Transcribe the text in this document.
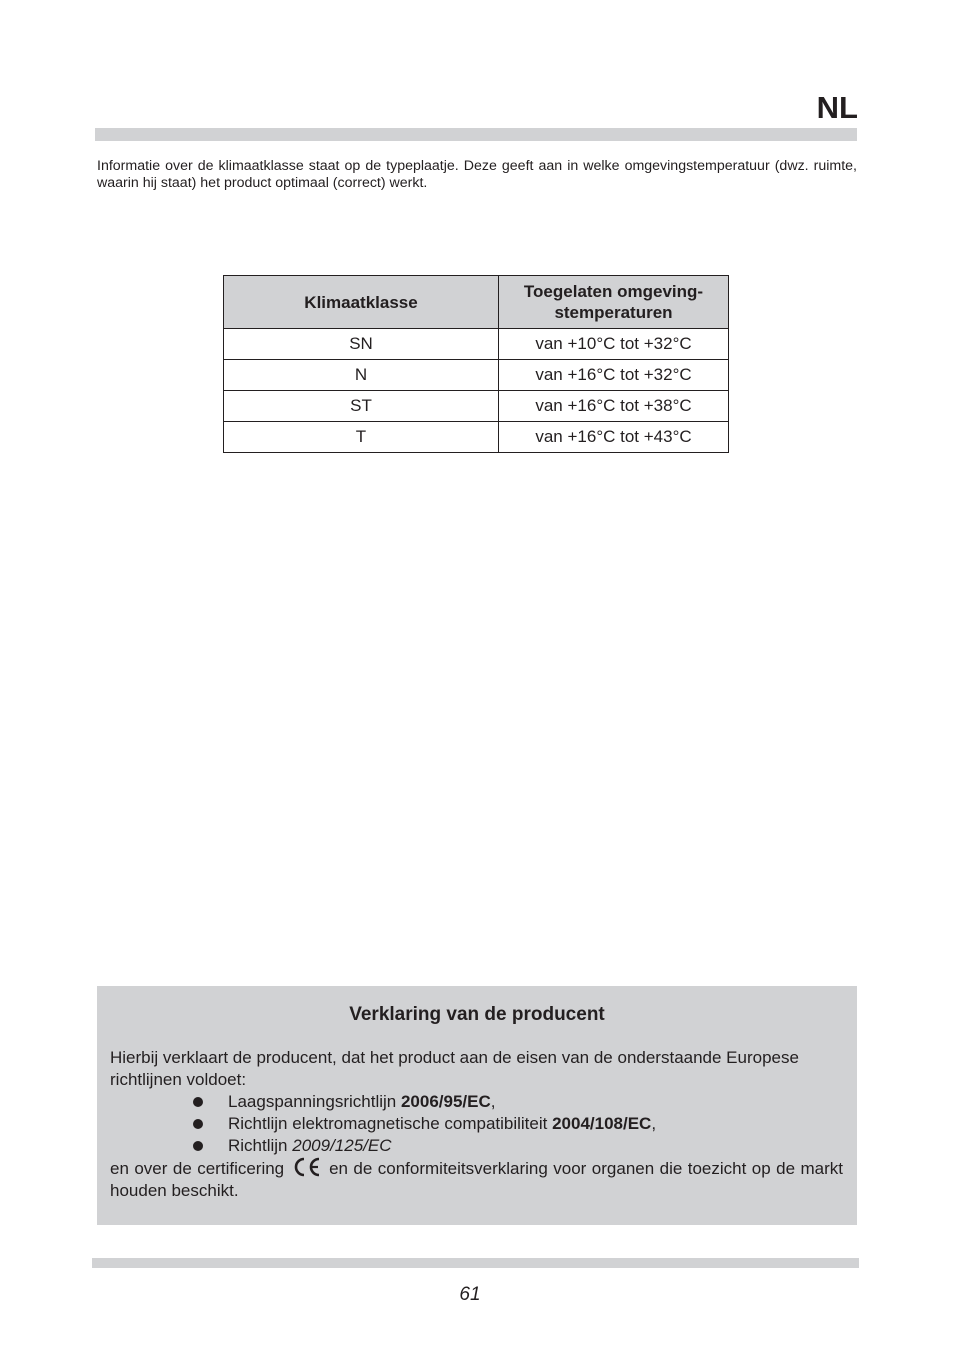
NL

Informatie over de klimaatklasse staat op de typeplaatje. Deze geeft aan in welke omgevingstemperatuur (dwz. ruimte, waarin hij staat) het product optimaal (correct) werkt.

Klimaatklasse	Toegelaten omgeving-
stemperaturen
SN	van +10°C tot +32°C
N	van +16°C tot +32°C
ST	van +16°C tot +38°C
T	van +16°C tot +43°C
Verklaring van de producent
Hierbij verklaart de producent, dat het product aan de eisen van de onderstaande Europese richtlijnen voldoet:
Laagspanningsrichtlijn 2006/95/EC,
Richtlijn elektromagnetische compatibiliteit 2004/108/EC,
Richtlijn 2009/125/EC
en over de certificering	en de conformiteitsverklaring voor organen die toezicht op de markt houden beschikt.
61
